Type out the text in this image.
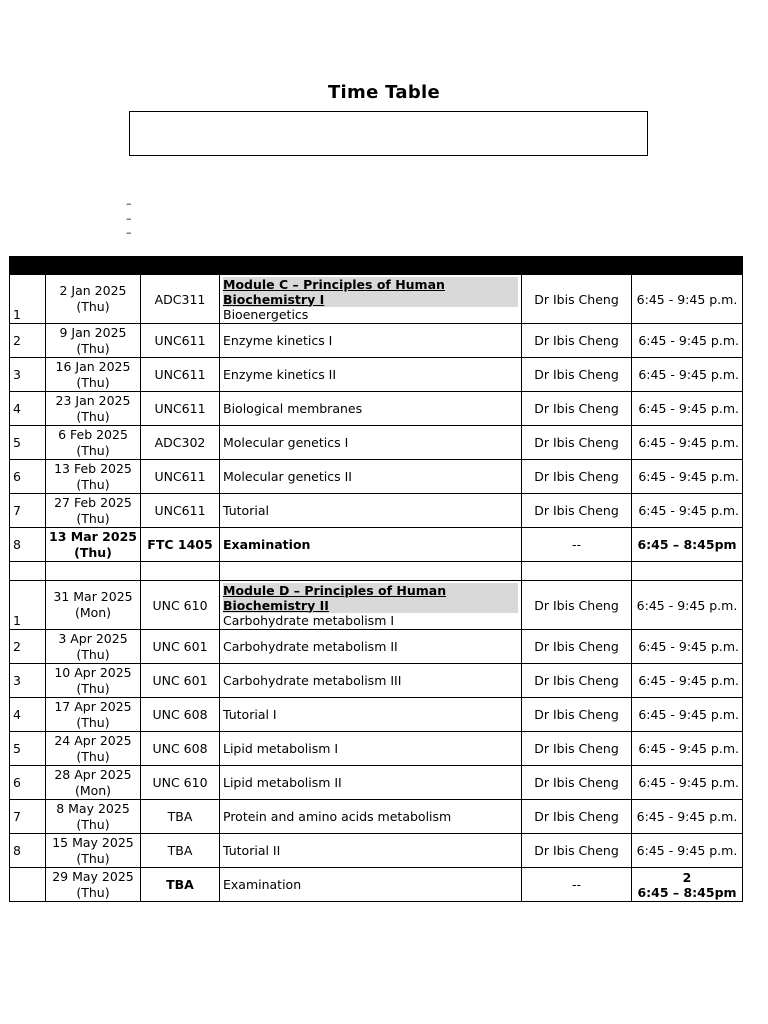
Time Table
–
–
–

1	2 Jan 2025
(Thu)	ADC311	Module C – Principles of Human Biochemistry I
Bioenergetics	Dr Ibis Cheng	6:45 - 9:45 p.m.
2	9 Jan 2025
(Thu)	UNC611	Enzyme kinetics I	Dr Ibis Cheng	6:45 - 9:45 p.m.
3	16 Jan 2025
(Thu)	UNC611	Enzyme kinetics II	Dr Ibis Cheng	6:45 - 9:45 p.m.
4	23 Jan 2025
(Thu)	UNC611	Biological membranes	Dr Ibis Cheng	6:45 - 9:45 p.m.
5	6 Feb 2025
(Thu)	ADC302	Molecular genetics I	Dr Ibis Cheng	6:45 - 9:45 p.m.
6	13 Feb 2025
(Thu)	UNC611	Molecular genetics II	Dr Ibis Cheng	6:45 - 9:45 p.m.
7	27 Feb 2025
(Thu)	UNC611	Tutorial	Dr Ibis Cheng	6:45 - 9:45 p.m.
8	13 Mar 2025
(Thu)	FTC 1405	Examination	--	6:45 – 8:45pm

1	31 Mar 2025
(Mon)	UNC 610	Module D – Principles of Human Biochemistry II
Carbohydrate metabolism I	Dr Ibis Cheng	6:45 - 9:45 p.m.
2	3 Apr 2025
(Thu)	UNC 601	Carbohydrate metabolism II	Dr Ibis Cheng	6:45 - 9:45 p.m.
3	10 Apr 2025
(Thu)	UNC 601	Carbohydrate metabolism III	Dr Ibis Cheng	6:45 - 9:45 p.m.
4	17 Apr 2025
(Thu)	UNC 608	Tutorial I	Dr Ibis Cheng	6:45 - 9:45 p.m.
5	24 Apr 2025
(Thu)	UNC 608	Lipid metabolism I	Dr Ibis Cheng	6:45 - 9:45 p.m.
6	28 Apr 2025
(Mon)	UNC 610	Lipid metabolism II	Dr Ibis Cheng	6:45 - 9:45 p.m.
7	8 May 2025
(Thu)	TBA	Protein and amino acids metabolism	Dr Ibis Cheng	6:45 - 9:45 p.m.
8	15 May 2025
(Thu)	TBA	Tutorial II	Dr Ibis Cheng	6:45 - 9:45 p.m.
	29 May 2025
(Thu)	TBA	Examination	--	2
6:45 – 8:45pm
